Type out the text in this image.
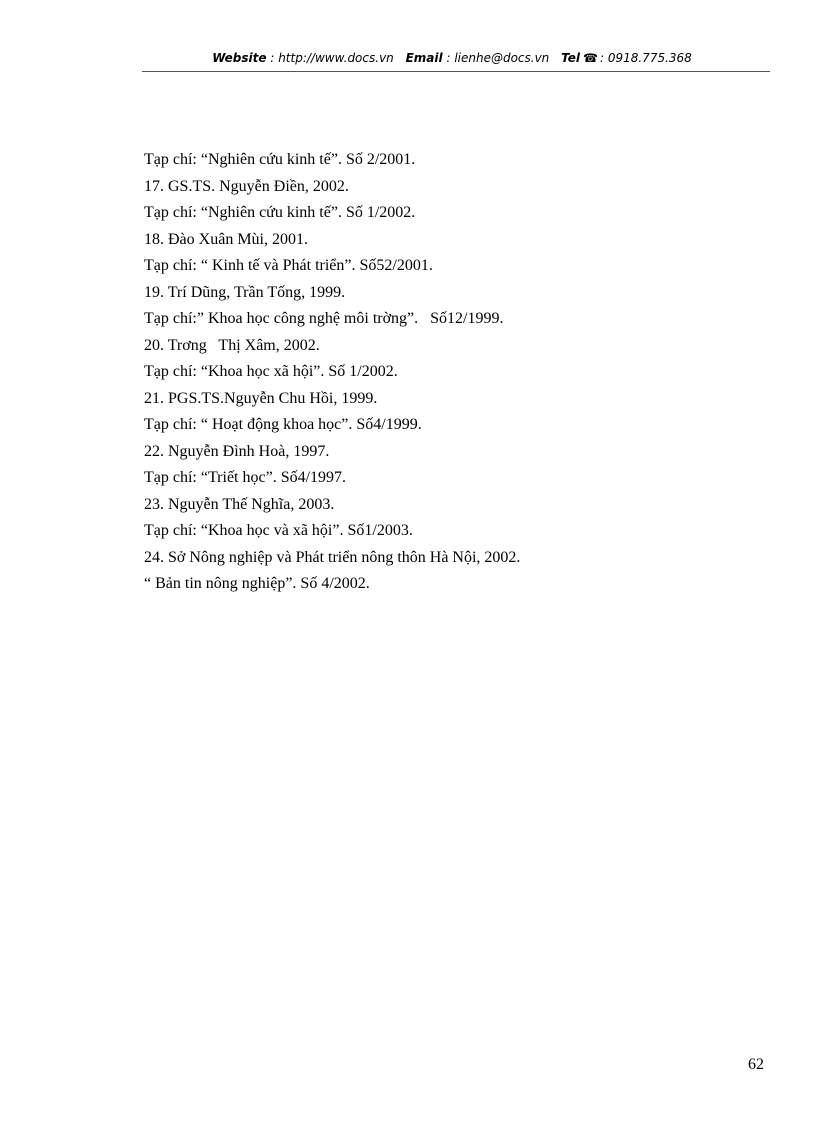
Website : http://www.docs.vn Email : lienhe@docs.vn Tel ☎ : 0918.775.368
Tạp chí: “Nghiên cứu kinh tế”. Số 2/2001.
17. GS.TS. Nguyễn Điền, 2002.
Tạp chí: “Nghiên cứu kinh tế”. Số 1/2002.
18. Đào Xuân Mùi, 2001.
Tạp chí: “ Kinh tế và Phát triển”. Số52/2001.
19. Trí Dũng, Trần Tống, 1999.
Tạp chí:” Khoa học công nghệ môi trờng”.   Số12/1999.
20. Trơng   Thị Xâm, 2002.
Tạp chí: “Khoa học xã hội”. Số 1/2002.
21. PGS.TS.Nguyễn Chu Hồi, 1999.
Tạp chí: “ Hoạt động khoa học”. Số4/1999.
22. Nguyễn Đình Hoà, 1997.
Tạp chí: “Triết học”. Số4/1997.
23. Nguyễn Thế Nghĩa, 2003.
Tạp chí: “Khoa học và xã hội”. Số1/2003.
24. Sở Nông nghiệp và Phát triển nông thôn Hà Nội, 2002.
“ Bản tin nông nghiệp”. Số 4/2002.
62
